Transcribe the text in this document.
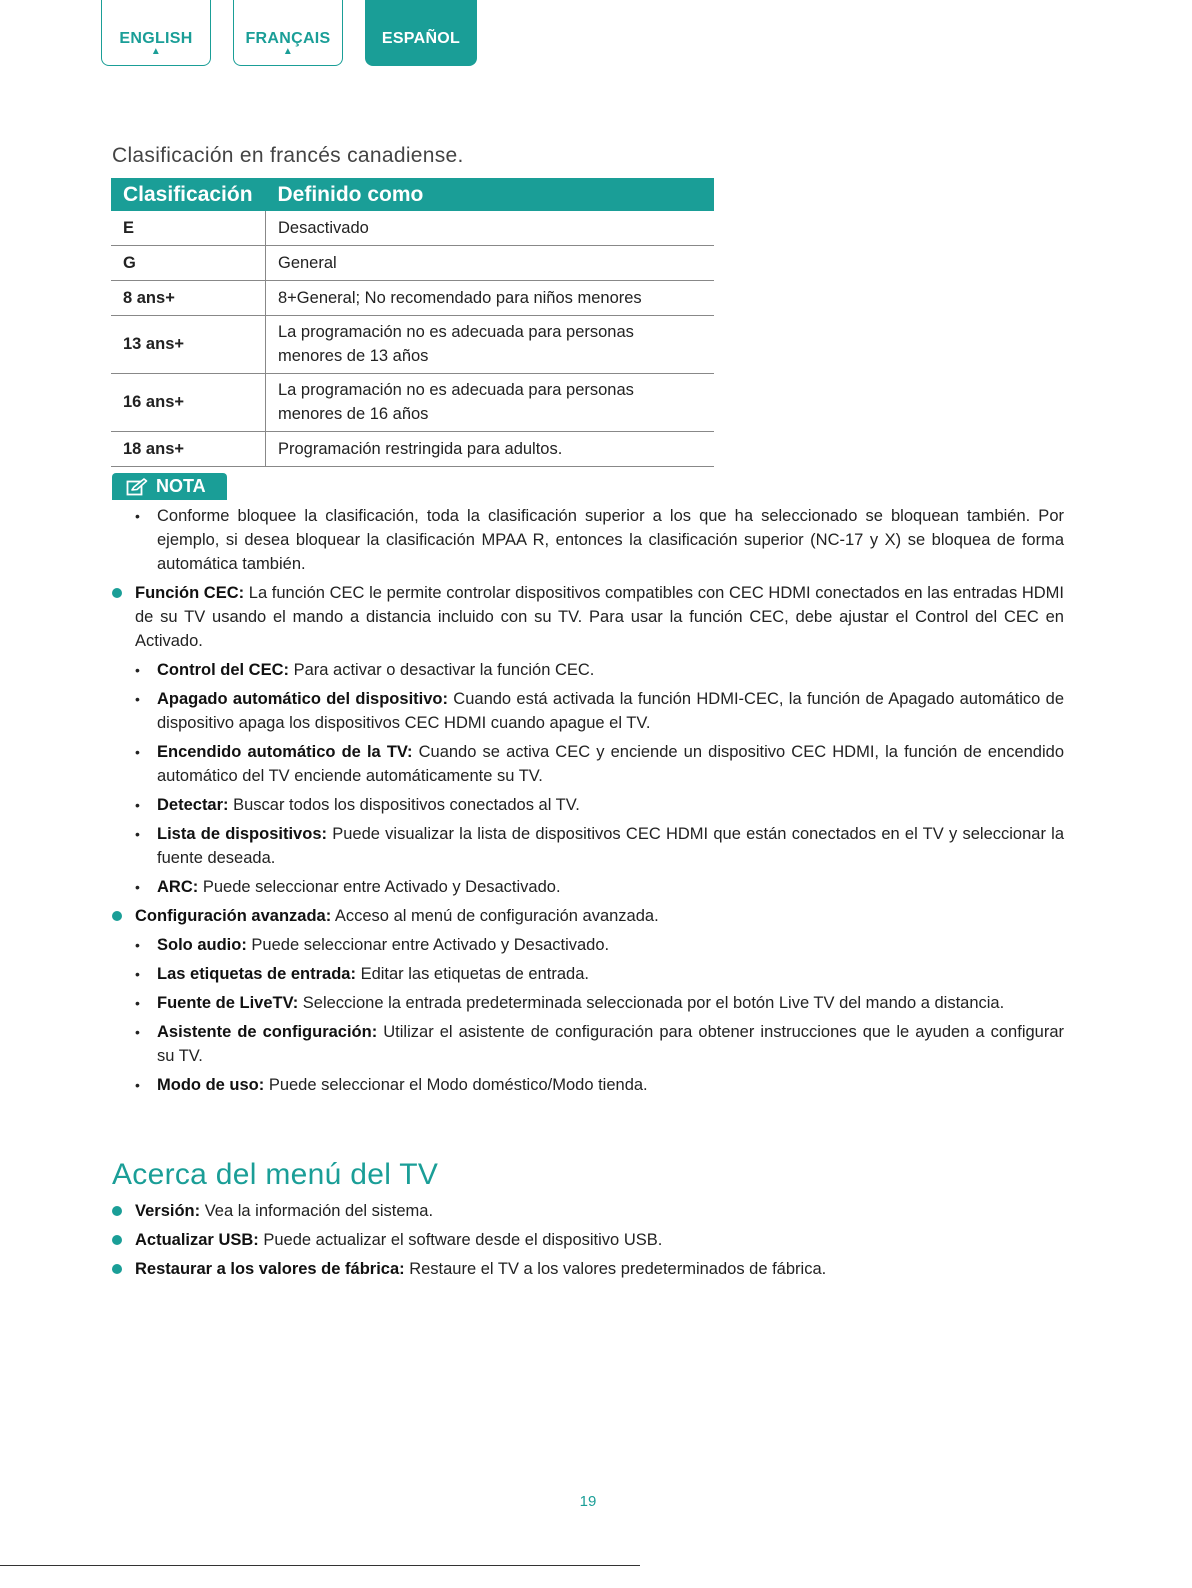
ENGLISH
▲
FRANÇAIS
▲
ESPAÑOL
Clasificación en francés canadiense.
Clasificación	Definido como
E	Desactivado
G	General
8 ans+	8+General; No recomendado para niños menores
13 ans+	La programación no es adecuada para personas menores de 13 años
16 ans+	La programación no es adecuada para personas menores de 16 años
18 ans+	Programación restringida para adultos.
NOTA
• Conforme bloquee la clasificación, toda la clasificación superior a los que ha seleccionado se bloquean también. Por ejemplo, si desea bloquear la clasificación MPAA R, entonces la clasificación superior (NC-17 y X) se bloquea de forma automática también.
Función CEC: La función CEC le permite controlar dispositivos compatibles con CEC HDMI conectados en las entradas HDMI de su TV usando el mando a distancia incluido con su TV. Para usar la función CEC, debe ajustar el Control del CEC en Activado.
• Control del CEC: Para activar o desactivar la función CEC.
• Apagado automático del dispositivo: Cuando está activada la función HDMI-CEC, la función de Apagado automático de dispositivo apaga los dispositivos CEC HDMI cuando apague el TV.
• Encendido automático de la TV: Cuando se activa CEC y enciende un dispositivo CEC HDMI, la función de encendido automático del TV enciende automáticamente su TV.
• Detectar: Buscar todos los dispositivos conectados al TV.
• Lista de dispositivos: Puede visualizar la lista de dispositivos CEC HDMI que están conectados en el TV y seleccionar la fuente deseada.
• ARC: Puede seleccionar entre Activado y Desactivado.
Configuración avanzada: Acceso al menú de configuración avanzada.
• Solo audio: Puede seleccionar entre Activado y Desactivado.
• Las etiquetas de entrada: Editar las etiquetas de entrada.
• Fuente de LiveTV: Seleccione la entrada predeterminada seleccionada por el botón Live TV del mando a distancia.
• Asistente de configuración: Utilizar el asistente de configuración para obtener instrucciones que le ayuden a configurar su TV.
• Modo de uso: Puede seleccionar el Modo doméstico/Modo tienda.
Acerca del menú del TV
Versión: Vea la información del sistema.
Actualizar USB: Puede actualizar el software desde el dispositivo USB.
Restaurar a los valores de fábrica: Restaure el TV a los valores predeterminados de fábrica.
19
